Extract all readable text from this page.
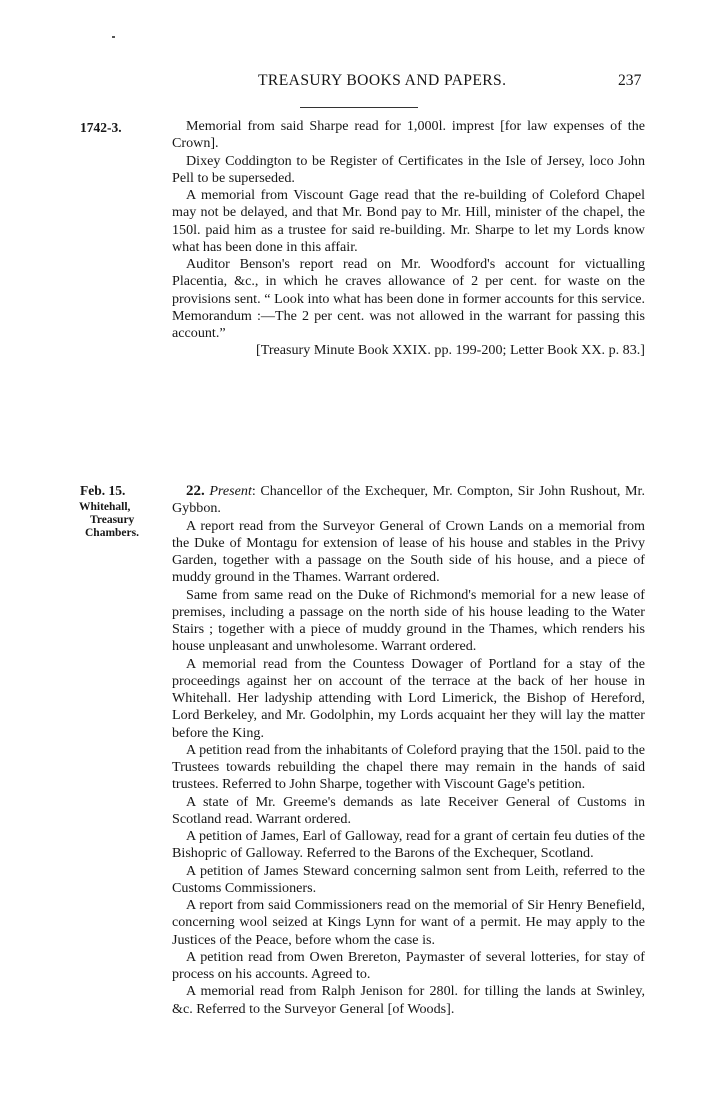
TREASURY BOOKS AND PAPERS.	237
1742-3.
Feb. 15.
Whitehall,
Treasury
Chambers.

Memorial from said Sharpe read for 1,000l. imprest [for law expenses of the Crown].

Dixey Coddington to be Register of Certificates in the Isle of Jersey, loco John Pell to be superseded.

A memorial from Viscount Gage read that the re-building of Coleford Chapel may not be delayed, and that Mr. Bond pay to Mr. Hill, minister of the chapel, the 150l. paid him as a trustee for said re-building. Mr. Sharpe to let my Lords know what has been done in this affair.

Auditor Benson's report read on Mr. Woodford's account for victualling Placentia, &c., in which he craves allowance of 2 per cent. for waste on the provisions sent. “ Look into what has been done in former accounts for this service. Memorandum :—The 2 per cent. was not allowed in the warrant for passing this account.”

[Treasury Minute Book XXIX. pp. 199-200; Letter Book XX. p. 83.]

22. Present: Chancellor of the Exchequer, Mr. Compton, Sir John Rushout, Mr. Gybbon.

A report read from the Surveyor General of Crown Lands on a memorial from the Duke of Montagu for extension of lease of his house and stables in the Privy Garden, together with a passage on the South side of his house, and a piece of muddy ground in the Thames. Warrant ordered.

Same from same read on the Duke of Richmond's memorial for a new lease of premises, including a passage on the north side of his house leading to the Water Stairs ; together with a piece of muddy ground in the Thames, which renders his house unpleasant and unwholesome. Warrant ordered.

A memorial read from the Countess Dowager of Portland for a stay of the proceedings against her on account of the terrace at the back of her house in Whitehall. Her ladyship attending with Lord Limerick, the Bishop of Hereford, Lord Berkeley, and Mr. Godolphin, my Lords acquaint her they will lay the matter before the King.

A petition read from the inhabitants of Coleford praying that the 150l. paid to the Trustees towards rebuilding the chapel there may remain in the hands of said trustees. Referred to John Sharpe, together with Viscount Gage's petition.

A state of Mr. Greeme's demands as late Receiver General of Customs in Scotland read. Warrant ordered.

A petition of James, Earl of Galloway, read for a grant of certain feu duties of the Bishopric of Galloway. Referred to the Barons of the Exchequer, Scotland.

A petition of James Steward concerning salmon sent from Leith, referred to the Customs Commissioners.

A report from said Commissioners read on the memorial of Sir Henry Benefield, concerning wool seized at Kings Lynn for want of a permit. He may apply to the Justices of the Peace, before whom the case is.

A petition read from Owen Brereton, Paymaster of several lotteries, for stay of process on his accounts. Agreed to.

A memorial read from Ralph Jenison for 280l. for tilling the lands at Swinley, &c. Referred to the Surveyor General [of Woods].
